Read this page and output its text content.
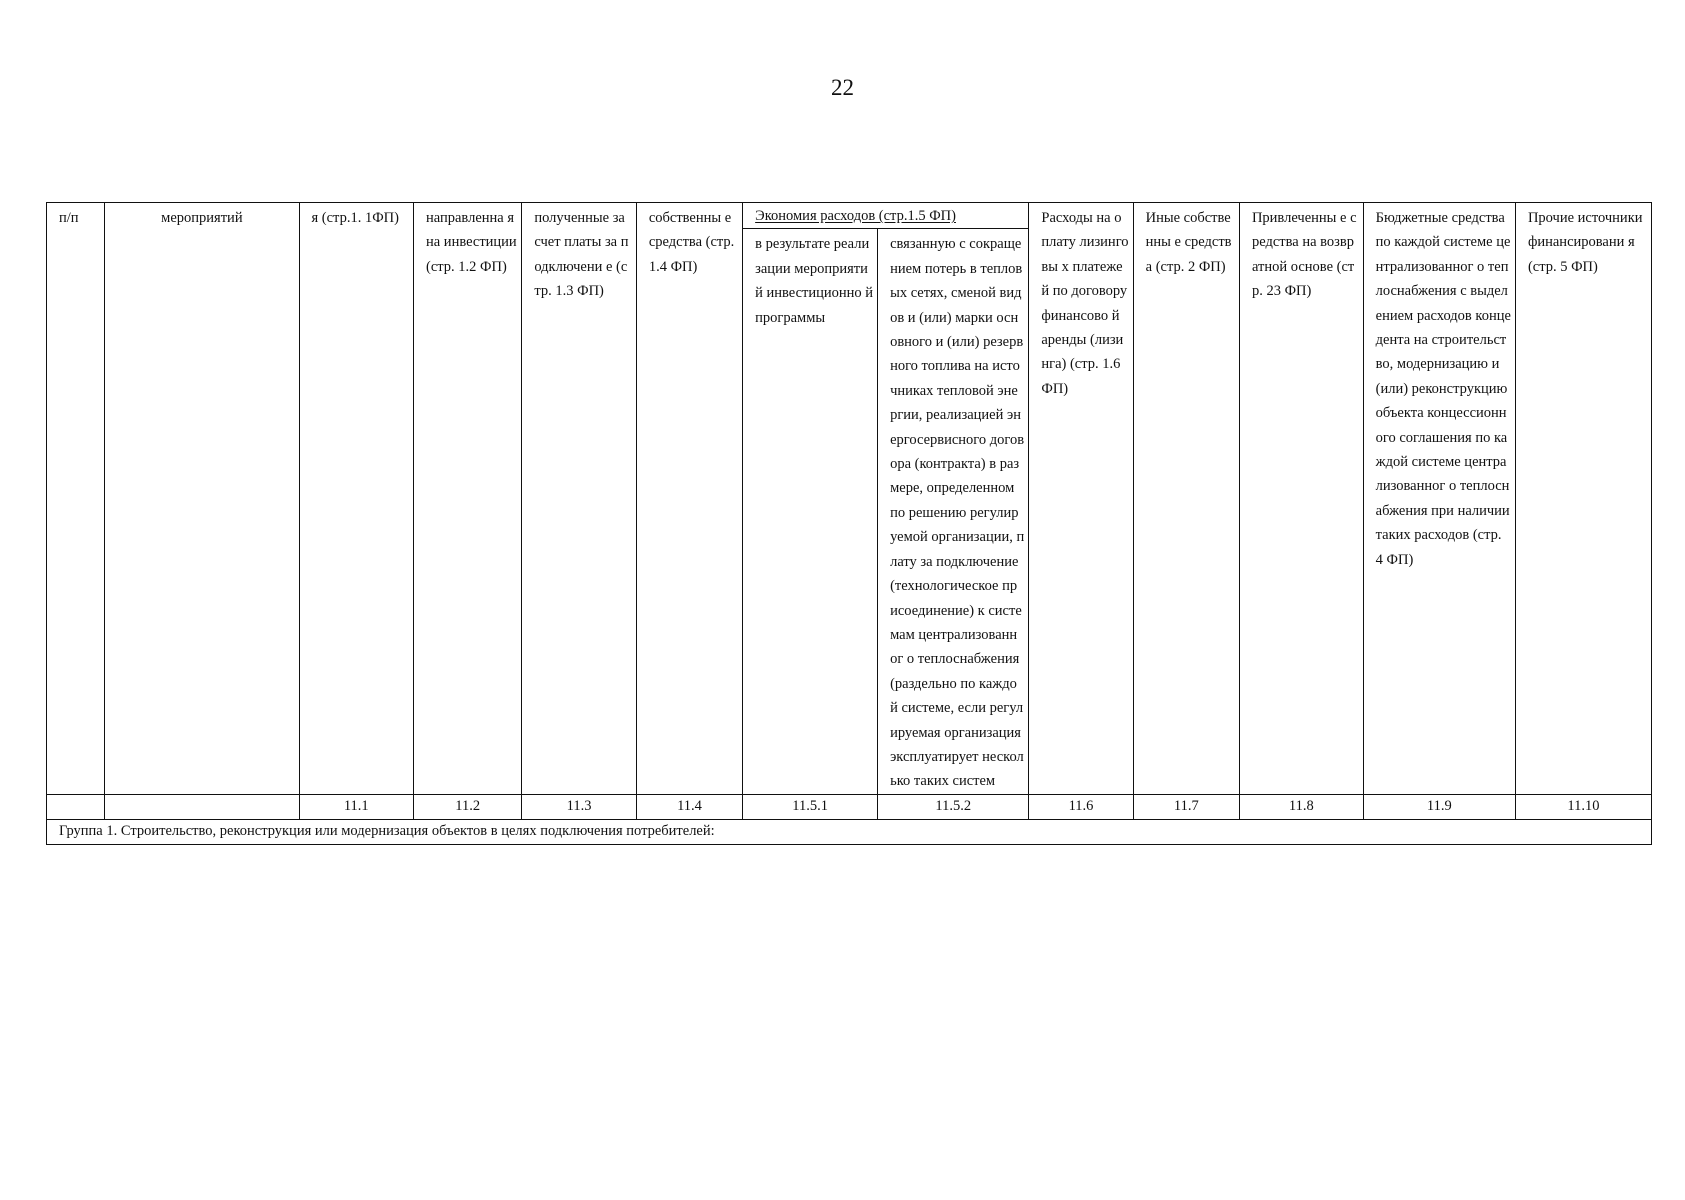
22
п/п	мероприятий	я (стр.1. 1ФП)	направленна я на инвестиции (стр. 1.2 ФП)	полученные за счет платы за подключени е (стр. 1.3 ФП)	собственны е средства (стр. 1.4 ФП)	Экономия расходов (стр.1.5 ФП)		Расходы на оплату лизинговы х платежей по договору финансово й аренды (лизинга) (стр. 1.6 ФП)	Иные собственны е средства (стр. 2 ФП)	Привлеченны е средства на возвратной основе (стр. 23 ФП)	Бюджетные средства по каждой системе централизованног о теплоснабжения с выделением расходов концедента на строительство, модернизацию и (или) реконструкцию объекта концессионного соглашения по каждой системе централизованног о теплоснабжения при наличии таких расходов (стр. 4 ФП)	Прочие источники финансировани я (стр. 5 ФП)
						в результате реализации мероприятий инвестиционно й программы	связанную с сокращением потерь в тепловых сетях, сменой видов и (или) марки основного и (или) резервного топлива на источниках тепловой энергии, реализацией энергосервисного договора (контракта) в размере, определенном по решению регулируемой организации, плату за подключение (технологическое присоединение) к системам централизованног о теплоснабжения (раздельно по каждой системе, если регулируемая организация эксплуатирует несколько таких систем					
		11.1	11.2	11.3	11.4	11.5.1	11.5.2	11.6	11.7	11.8	11.9	11.10
Группа 1. Строительство, реконструкция или модернизация объектов в целях подключения потребителей:												
